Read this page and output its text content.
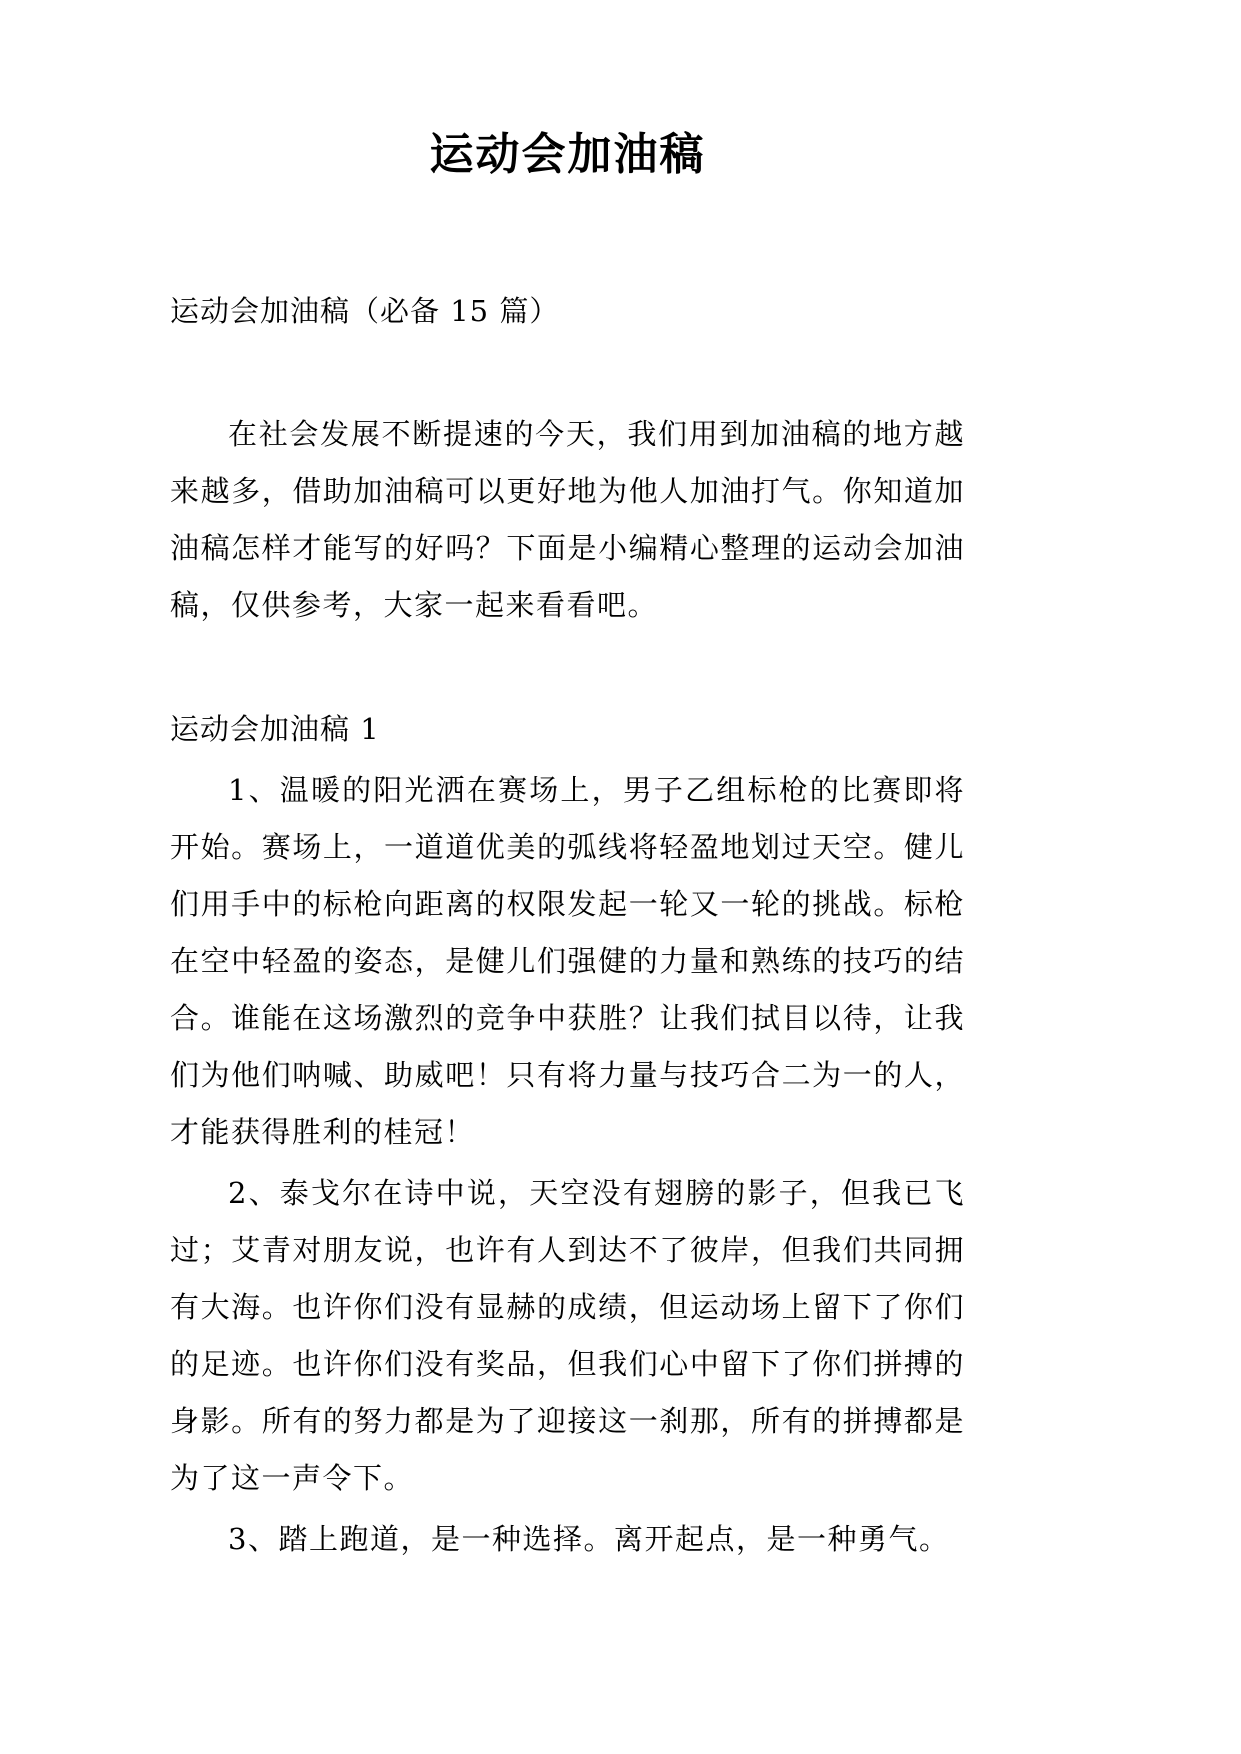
运动会加油稿

运动会加油稿（必备 15 篇）

在社会发展不断提速的今天，我们用到加油稿的地方越来越多，借助加油稿可以更好地为他人加油打气。你知道加油稿怎样才能写的好吗？下面是小编精心整理的运动会加油稿，仅供参考，大家一起来看看吧。

运动会加油稿 1

1、温暖的阳光洒在赛场上，男子乙组标枪的比赛即将开始。赛场上，一道道优美的弧线将轻盈地划过天空。健儿们用手中的标枪向距离的权限发起一轮又一轮的挑战。标枪在空中轻盈的姿态，是健儿们强健的力量和熟练的技巧的结合。谁能在这场激烈的竞争中获胜？让我们拭目以待，让我们为他们呐喊、助威吧！只有将力量与技巧合二为一的人，才能获得胜利的桂冠！

2、泰戈尔在诗中说，天空没有翅膀的影子，但我已飞过；艾青对朋友说，也许有人到达不了彼岸，但我们共同拥有大海。也许你们没有显赫的成绩，但运动场上留下了你们的足迹。也许你们没有奖品，但我们心中留下了你们拼搏的身影。所有的努力都是为了迎接这一刹那，所有的拼搏都是为了这一声令下。

3、踏上跑道，是一种选择。离开起点，是一种勇气。
